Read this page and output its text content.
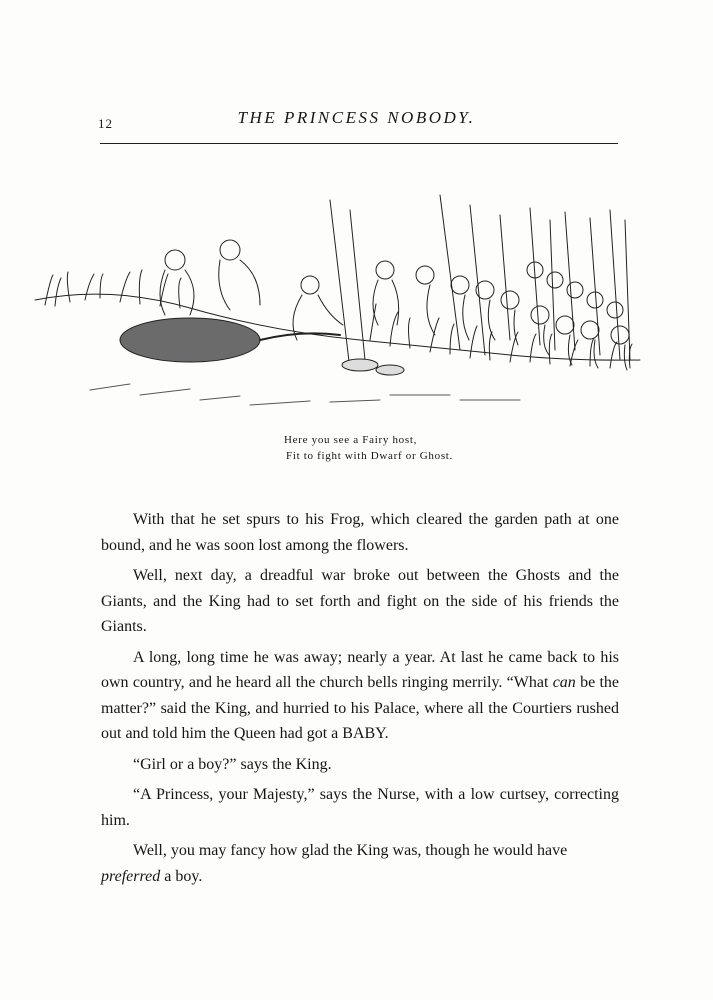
12	THE PRINCESS NOBODY.
Here you see a Fairy host,
Fit to fight with Dwarf or Ghost.

With that he set spurs to his Frog, which cleared the garden path at one bound, and he was soon lost among the flowers.

Well, next day, a dreadful war broke out between the Ghosts and the Giants, and the King had to set forth and fight on the side of his friends the Giants.

A long, long time he was away; nearly a year. At last he came back to his own country, and he heard all the church bells ringing merrily. “What can be the matter?” said the King, and hurried to his Palace, where all the Courtiers rushed out and told him the Queen had got a BABY.

“Girl or a boy?” says the King.

“A Princess, your Majesty,” says the Nurse, with a low curtsey, correcting him.

Well, you may fancy how glad the King was, though he would have preferred a boy.
